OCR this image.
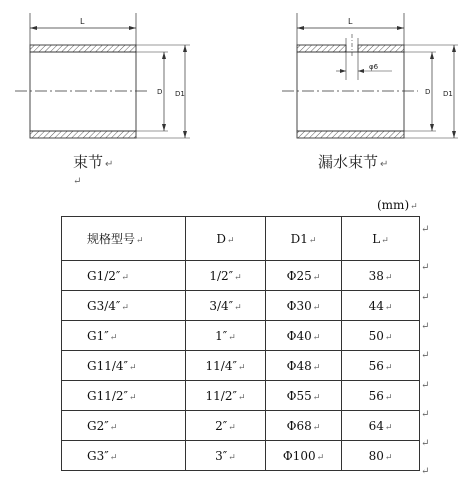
L
D D1
L
φ6
D D1
束节 ↵
↵
漏水束节 ↵
(mm)↵
规格型号↵	D↵	D1↵	L↵
G1/2″↵	1/2″↵	Φ25↵	38↵
G3/4″↵	3/4″↵	Φ30↵	44↵
G1″↵	1″↵	Φ40↵	50↵
G11/4″↵	11/4″↵	Φ48↵	56↵
G11/2″↵	11/2″↵	Φ55↵	56↵
G2″↵	2″↵	Φ68↵	64↵
G3″↵	3″↵	Φ100↵	80↵
↵
↵
↵
↵
↵
↵
↵
↵
↵
